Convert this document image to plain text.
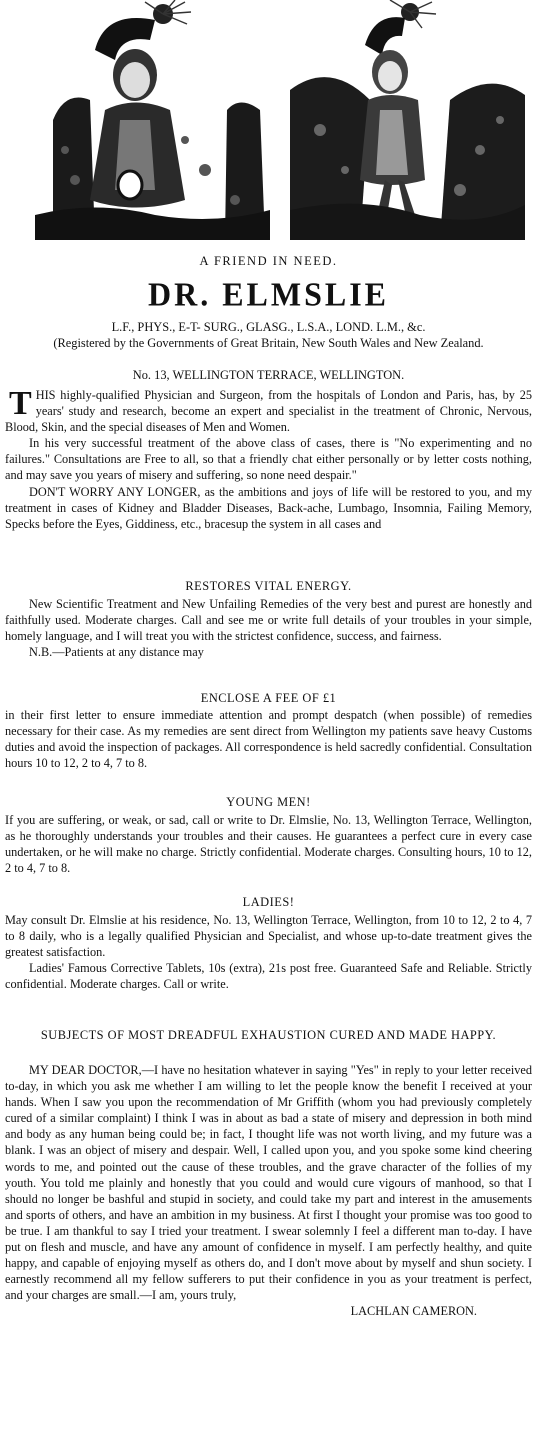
A FRIEND IN NEED.
DR. ELMSLIE
L.F., PHYS., E-T- SURG., GLASG., L.S.A., LOND. L.M., &c.
(Registered by the Governments of Great Britain, New South Wales and New Zealand.
No. 13, WELLINGTON TERRACE, WELLINGTON.
THIS highly-qualified Physician and Surgeon, from the hospitals of London and Paris, has, by 25 years' study and research, become an expert and specialist in the treatment of Chronic, Nervous, Blood, Skin, and the special diseases of Men and Women.
In his very successful treatment of the above class of cases, there is "No experimenting and no failures." Consultations are Free to all, so that a friendly chat either personally or by letter costs nothing, and may save you years of misery and suffering, so none need despair."
DON'T WORRY ANY LONGER, as the ambitions and joys of life will be restored to you, and my treatment in cases of Kidney and Bladder Diseases, Back-ache, Lumbago, Insomnia, Failing Memory, Specks before the Eyes, Giddiness, etc., bracesup the system in all cases and
RESTORES VITAL ENERGY.
New Scientific Treatment and New Unfailing Remedies of the very best and purest are honestly and faithfully used. Moderate charges. Call and see me or write full details of your troubles in your simple, homely language, and I will treat you with the strictest confidence, success, and fairness.
N.B.—Patients at any distance may
ENCLOSE A FEE OF £1
in their first letter to ensure immediate attention and prompt despatch (when possible) of remedies necessary for their case. As my remedies are sent direct from Wellington my patients save heavy Customs duties and avoid the inspection of packages. All correspondence is held sacredly confidential. Consultation hours 10 to 12, 2 to 4, 7 to 8.
YOUNG MEN!
If you are suffering, or weak, or sad, call or write to Dr. Elmslie, No. 13, Wellington Terrace, Wellington, as he thoroughly understands your troubles and their causes. He guarantees a perfect cure in every case undertaken, or he will make no charge. Strictly confidential. Moderate charges. Consulting hours, 10 to 12, 2 to 4, 7 to 8.
LADIES!
May consult Dr. Elmslie at his residence, No. 13, Wellington Terrace, Wellington, from 10 to 12, 2 to 4, 7 to 8 daily, who is a legally qualified Physician and Specialist, and whose up-to-date treatment gives the greatest satisfaction.
Ladies' Famous Corrective Tablets, 10s (extra), 21s post free. Guaranteed Safe and Reliable. Strictly confidential. Moderate charges. Call or write.
SUBJECTS OF MOST DREADFUL EXHAUSTION CURED AND MADE HAPPY.
MY DEAR DOCTOR,—I have no hesitation whatever in saying "Yes" in reply to your letter received to-day, in which you ask me whether I am willing to let the people know the benefit I received at your hands. When I saw you upon the recommendation of Mr Griffith (whom you had previously completely cured of a similar complaint) I think I was in about as bad a state of misery and depression in both mind and body as any human being could be; in fact, I thought life was not worth living, and my future was a blank. I was an object of misery and despair. Well, I called upon you, and you spoke some kind cheering words to me, and pointed out the cause of these troubles, and the grave character of the follies of my youth. You told me plainly and honestly that you could and would cure vigours of manhood, so that I should no longer be bashful and stupid in society, and could take my part and interest in the amusements and sports of others, and have an ambition in my business. At first I thought your promise was too good to be true. I am thankful to say I tried your treatment. I swear solemnly I feel a different man to-day. I have put on flesh and muscle, and have any amount of confidence in myself. I am perfectly healthy, and quite happy, and capable of enjoying myself as others do, and I don't move about by myself and shun society. I earnestly recommend all my fellow sufferers to put their confidence in you as your treatment is perfect, and your charges are small.—I am, yours truly,
LACHLAN CAMERON.
